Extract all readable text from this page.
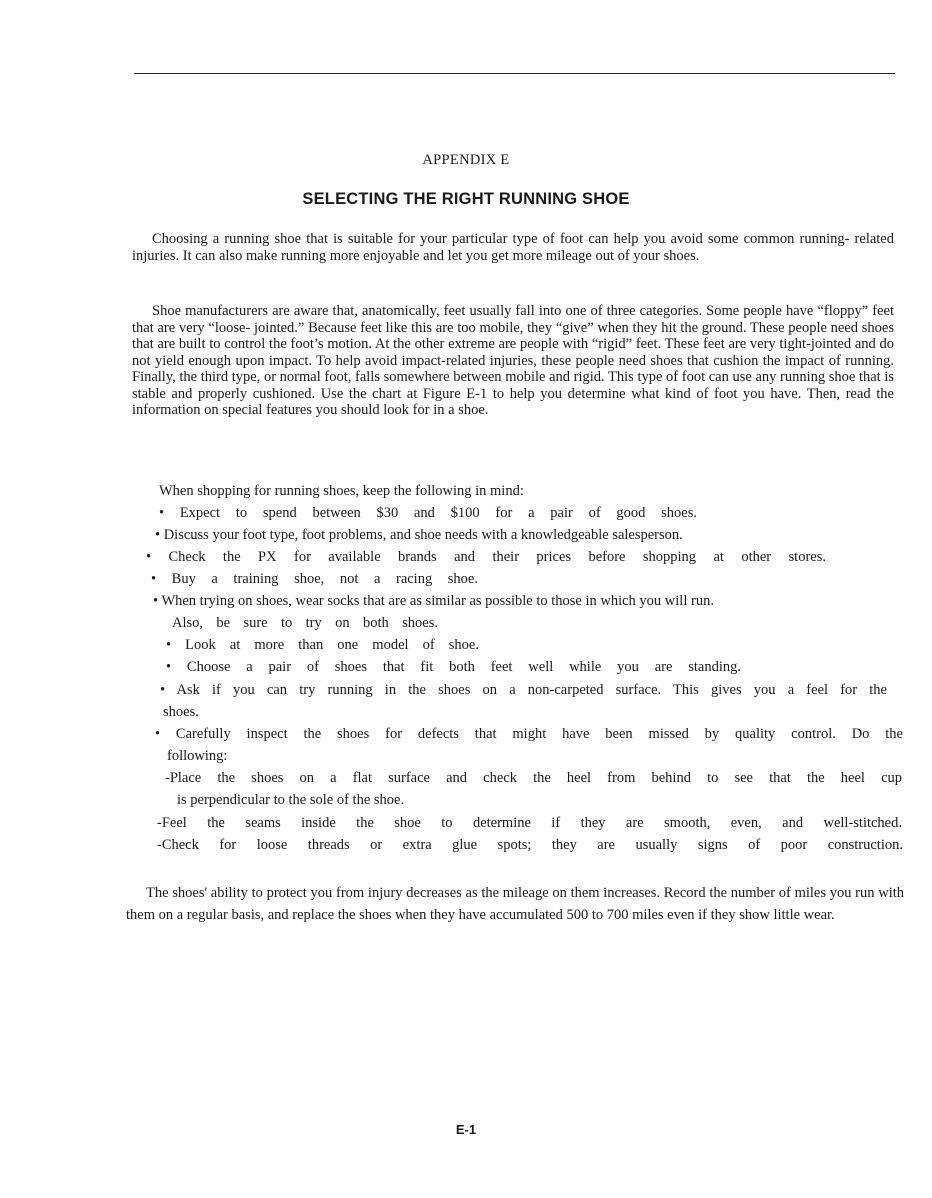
APPENDIX E
SELECTING THE RIGHT RUNNING SHOE

Choosing a running shoe that is suitable for your particular type of foot can help you avoid some common running- related injuries. It can also make running more enjoyable and let you get more mileage out of your shoes.

Shoe manufacturers are aware that, anatomically, feet usually fall into one of three categories. Some people have “floppy” feet that are very “loose- jointed.” Because feet like this are too mobile, they “give” when they hit the ground. These people need shoes that are built to control the foot’s motion. At the other extreme are people with “rigid” feet. These feet are very tight-jointed and do not yield enough upon impact. To help avoid impact-related injuries, these people need shoes that cushion the impact of running. Finally, the third type, or normal foot, falls somewhere between mobile and rigid. This type of foot can use any running shoe that is stable and properly cushioned. Use the chart at Figure E-1 to help you determine what kind of foot you have. Then, read the information on special features you should look for in a shoe.

When shopping for running shoes, keep the following in mind:

• Expect to spend between $30 and $100 for a pair of good shoes.

• Discuss your foot type, foot problems, and shoe needs with a knowledgeable salesperson.

• Check the PX for available brands and their prices before shopping at other stores.

• Buy a training shoe, not a racing shoe.

• When trying on shoes, wear socks that are as similar as possible to those in which you will run.

Also, be sure to try on both shoes.

• Look at more than one model of shoe.

• Choose a pair of shoes that fit both feet well while you are standing.

• Ask if you can try running in the shoes on a non-carpeted surface. This gives you a feel for the

shoes.

• Carefully inspect the shoes for defects that might have been missed by quality control. Do the

following:

-Place the shoes on a flat surface and check the heel from behind to see that the heel cup

is perpendicular to the sole of the shoe.

-Feel the seams inside the shoe to determine if they are smooth, even, and well-stitched.

-Check for loose threads or extra glue spots; they are usually signs of poor construction.

The shoes' ability to protect you from injury decreases as the mileage on them increases. Record the number of miles you run with them on a regular basis, and replace the shoes when they have accumulated 500 to 700 miles even if they show little wear.

E-1
